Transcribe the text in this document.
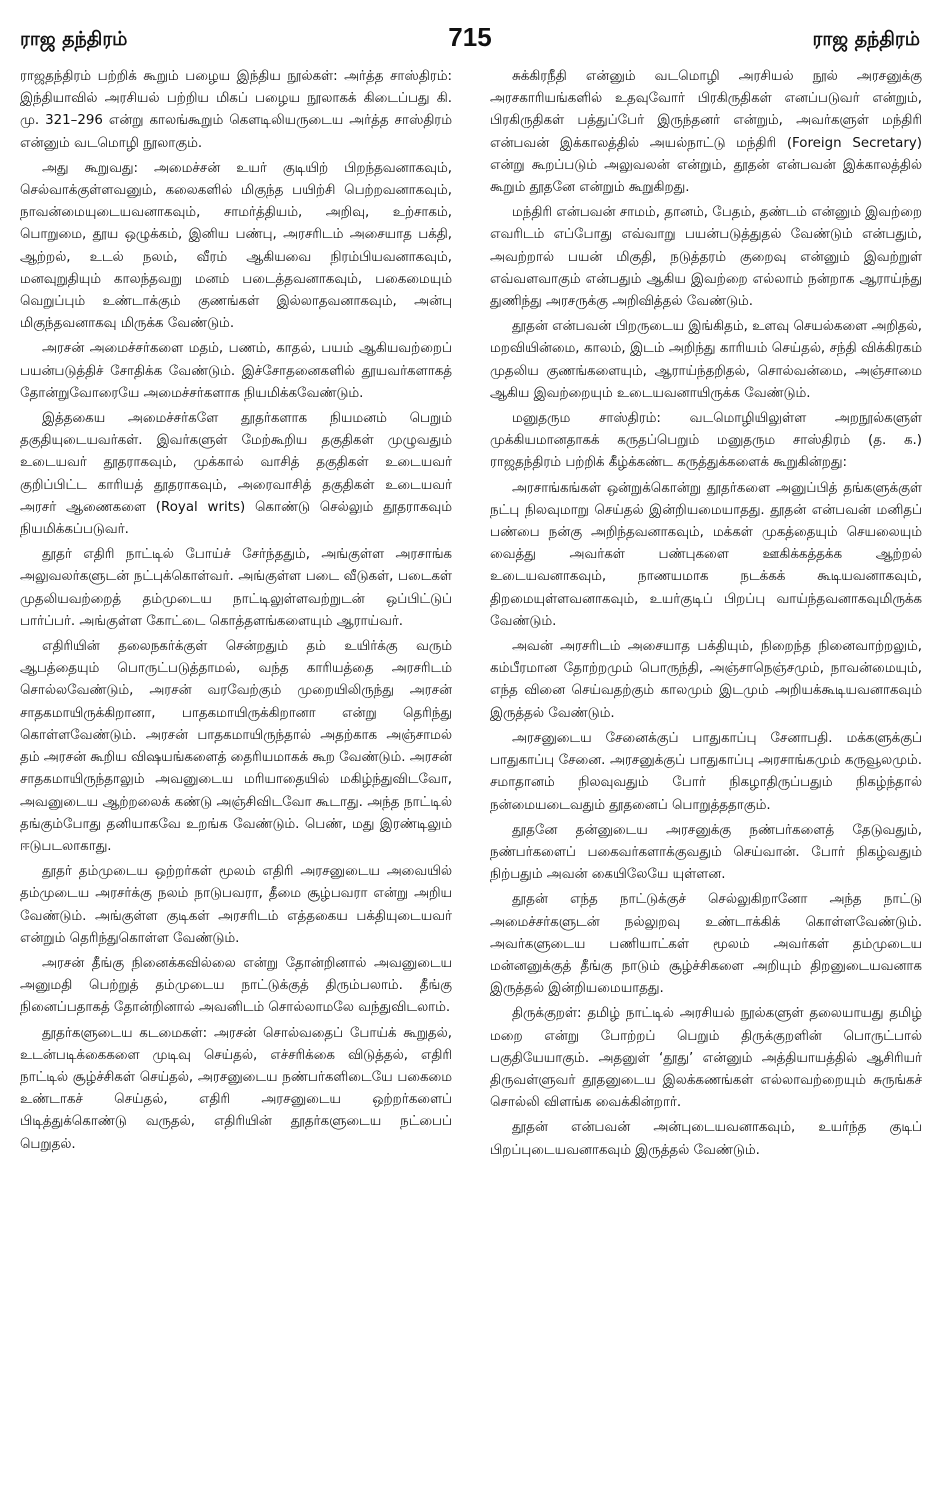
ராஜ தந்திரம்	715	ராஜ தந்திரம்

ராஜதந்திரம் பற்றிக் கூறும் பழைய இந்திய நூல்கள்: அர்த்த சாஸ்திரம்: இந்தியாவில் அரசியல் பற்றிய மிகப் பழைய நூலாகக் கிடைப்பது கி. மு. 321–296 என்று காலங்கூறும் கௌடிலியருடைய அர்த்த சாஸ்திரம் என்னும் வடமொழி நூலாகும்.

அது கூறுவது: அமைச்சன் உயர் குடியிற் பிறந்தவனாகவும், செல்வாக்குள்ளவனும், கலைகளில் மிகுந்த பயிற்சி பெற்றவனாகவும், நாவன்மையுடையவனாகவும், சாமர்த்தியம், அறிவு, உற்சாகம், பொறுமை, தூய ஒழுக்கம், இனிய பண்பு, அரசரிடம் அசையாத பக்தி, ஆற்றல், உடல் நலம், வீரம் ஆகியவை நிரம்பியவனாகவும், மனவுறுதியும் காலந்தவறு மனம் படைத்தவனாகவும், பகைமையும் வெறுப்பும் உண்டாக்கும் குணங்கள் இல்லாதவனாகவும், அன்பு மிகுந்தவனாகவு மிருக்க வேண்டும்.

அரசன் அமைச்சர்களை மதம், பணம், காதல், பயம் ஆகியவற்றைப் பயன்படுத்திச் சோதிக்க வேண்டும். இச்சோதனைகளில் தூயவர்களாகத் தோன்றுவோரையே அமைச்சர்களாக நியமிக்கவேண்டும்.

இத்தகைய அமைச்சர்களே தூதர்களாக நியமனம் பெறும் தகுதியுடையவர்கள். இவர்களுள் மேற்கூறிய தகுதிகள் முழுவதும் உடையவர் தூதராகவும், முக்கால் வாசித் தகுதிகள் உடையவர் குறிப்பிட்ட காரியத் தூதராகவும், அரைவாசித் தகுதிகள் உடையவர் அரசர் ஆணைகளை (Royal writs) கொண்டு செல்லும் தூதராகவும் நியமிக்கப்படுவர்.

தூதர் எதிரி நாட்டில் போய்ச் சேர்ந்ததும், அங்குள்ள அரசாங்க அலுவலர்களுடன் நட்புக்கொள்வர். அங்குள்ள படை வீடுகள், படைகள் முதலியவற்றைத் தம்முடைய நாட்டிலுள்ளவற்றுடன் ஒப்பிட்டுப் பார்ப்பர். அங்குள்ள கோட்டை கொத்தளங்களையும் ஆராய்வர்.

எதிரியின் தலைநகர்க்குள் சென்றதும் தம் உயிர்க்கு வரும் ஆபத்தையும் பொருட்படுத்தாமல், வந்த காரியத்தை அரசரிடம் சொல்லவேண்டும், அரசன் வரவேற்கும் முறையிலிருந்து அரசன் சாதகமாயிருக்கிறானா, பாதகமாயிருக்கிறானா என்று தெரிந்து கொள்ளவேண்டும். அரசன் பாதகமாயிருந்தால் அதற்காக அஞ்சாமல் தம் அரசன் கூறிய விஷயங்களைத் தைரியமாகக் கூற வேண்டும். அரசன் சாதகமாயிருந்தாலும் அவனுடைய மரியாதையில் மகிழ்ந்துவிடவோ, அவனுடைய ஆற்றலைக் கண்டு அஞ்சிவிடவோ கூடாது. அந்த நாட்டில் தங்கும்போது தனியாகவே உறங்க வேண்டும். பெண், மது இரண்டிலும் ஈடுபடலாகாது.

தூதர் தம்முடைய ஒற்றர்கள் மூலம் எதிரி அரசனுடைய அவையில் தம்முடைய அரசர்க்கு நலம் நாடுபவரா, தீமை சூழ்பவரா என்று அறிய வேண்டும். அங்குள்ள குடிகள் அரசரிடம் எத்தகைய பக்தியுடையவர் என்றும் தெரிந்துகொள்ள வேண்டும்.

அரசன் தீங்கு நினைக்கவில்லை என்று தோன்றினால் அவனுடைய அனுமதி பெற்றுத் தம்முடைய நாட்டுக்குத் திரும்பலாம். தீங்கு நினைப்பதாகத் தோன்றினால் அவனிடம் சொல்லாமலே வந்துவிடலாம்.

தூதர்களுடைய கடமைகள்: அரசன் சொல்வதைப் போய்க் கூறுதல், உடன்படிக்கைகளை முடிவு செய்தல், எச்சரிக்கை விடுத்தல், எதிரி நாட்டில் சூழ்ச்சிகள் செய்தல், அரசனுடைய நண்பர்களிடையே பகைமை உண்டாகச் செய்தல், எதிரி அரசனுடைய ஒற்றர்களைப் பிடித்துக்கொண்டு வருதல், எதிரியின் தூதர்களுடைய நட்பைப் பெறுதல்.

சுக்கிரநீதி என்னும் வடமொழி அரசியல் நூல் அரசனுக்கு அரசகாரியங்களில் உதவுவோர் பிரகிருதிகள் எனப்படுவர் என்றும், பிரகிருதிகள் பத்துப்பேர் இருந்தனர் என்றும், அவர்களுள் மந்திரி என்பவன் இக்காலத்தில் அயல்நாட்டு மந்திரி (Foreign Secretary) என்று கூறப்படும் அலுவலன் என்றும், தூதன் என்பவன் இக்காலத்தில் கூறும் தூதனே என்றும் கூறுகிறது.

மந்திரி என்பவன் சாமம், தானம், பேதம், தண்டம் என்னும் இவற்றை எவரிடம் எப்போது எவ்வாறு பயன்படுத்துதல் வேண்டும் என்பதும், அவற்றால் பயன் மிகுதி, நடுத்தரம் குறைவு என்னும் இவற்றுள் எவ்வளவாகும் என்பதும் ஆகிய இவற்றை எல்லாம் நன்றாக ஆராய்ந்து துணிந்து அரசருக்கு அறிவித்தல் வேண்டும்.

தூதன் என்பவன் பிறருடைய இங்கிதம், உளவு செயல்களை அறிதல், மறவியின்மை, காலம், இடம் அறிந்து காரியம் செய்தல், சந்தி விக்கிரகம் முதலிய குணங்களையும், ஆராய்ந்தறிதல், சொல்வன்மை, அஞ்சாமை ஆகிய இவற்றையும் உடையவனாயிருக்க வேண்டும்.

மனுதரும சாஸ்திரம்: வடமொழியிலுள்ள அறநூல்களுள் முக்கியமானதாகக் கருதப்பெறும் மனுதரும சாஸ்திரம் (த. க.) ராஜதந்திரம் பற்றிக் கீழ்க்கண்ட கருத்துக்களைக் கூறுகின்றது:

அரசாங்கங்கள் ஒன்றுக்கொன்று தூதர்களை அனுப்பித் தங்களுக்குள் நட்பு நிலவுமாறு செய்தல் இன்றியமையாதது. தூதன் என்பவன் மனிதப் பண்பை நன்கு அறிந்தவனாகவும், மக்கள் முகத்தையும் செயலையும் வைத்து அவர்கள் பண்புகளை ஊகிக்கத்தக்க ஆற்றல் உடையவனாகவும், நாணயமாக நடக்கக் கூடியவனாகவும், திறமையுள்ளவனாகவும், உயர்குடிப் பிறப்பு வாய்ந்தவனாகவுமிருக்க வேண்டும்.

அவன் அரசரிடம் அசையாத பக்தியும், நிறைந்த நினைவாற்றலும், கம்பீரமான தோற்றமும் பொருந்தி, அஞ்சாநெஞ்சமும், நாவன்மையும், எந்த வினை செய்வதற்கும் காலமும் இடமும் அறியக்கூடியவனாகவும் இருத்தல் வேண்டும்.

அரசனுடைய சேனைக்குப் பாதுகாப்பு சேனாபதி. மக்களுக்குப் பாதுகாப்பு சேனை. அரசனுக்குப் பாதுகாப்பு அரசாங்கமும் கருவூலமும். சமாதானம் நிலவுவதும் போர் நிகழாதிருப்பதும் நிகழ்ந்தால் நன்மையடைவதும் தூதனைப் பொறுத்ததாகும்.

தூதனே தன்னுடைய அரசனுக்கு நண்பர்களைத் தேடுவதும், நண்பர்களைப் பகைவர்களாக்குவதும் செய்வான். போர் நிகழ்வதும் நிற்பதும் அவன் கையிலேயே யுள்ளன.

தூதன் எந்த நாட்டுக்குச் செல்லுகிறானோ அந்த நாட்டு அமைச்சர்களுடன் நல்லுறவு உண்டாக்கிக் கொள்ளவேண்டும். அவர்களுடைய பணியாட்கள் மூலம் அவர்கள் தம்முடைய மன்னனுக்குத் தீங்கு நாடும் சூழ்ச்சிகளை அறியும் திறனுடையவனாக இருத்தல் இன்றியமையாதது.

திருக்குறள்: தமிழ் நாட்டில் அரசியல் நூல்களுள் தலையாயது தமிழ் மறை என்று போற்றப் பெறும் திருக்குறளின் பொருட்பால் பகுதியேயாகும். அதனுள் ‘தூது’ என்னும் அத்தியாயத்தில் ஆசிரியர் திருவள்ளுவர் தூதனுடைய இலக்கணங்கள் எல்லாவற்றையும் சுருங்கச் சொல்லி விளங்க வைக்கின்றார்.

தூதன் என்பவன் அன்புடையவனாகவும், உயர்ந்த குடிப் பிறப்புடையவனாகவும் இருத்தல் வேண்டும்.
